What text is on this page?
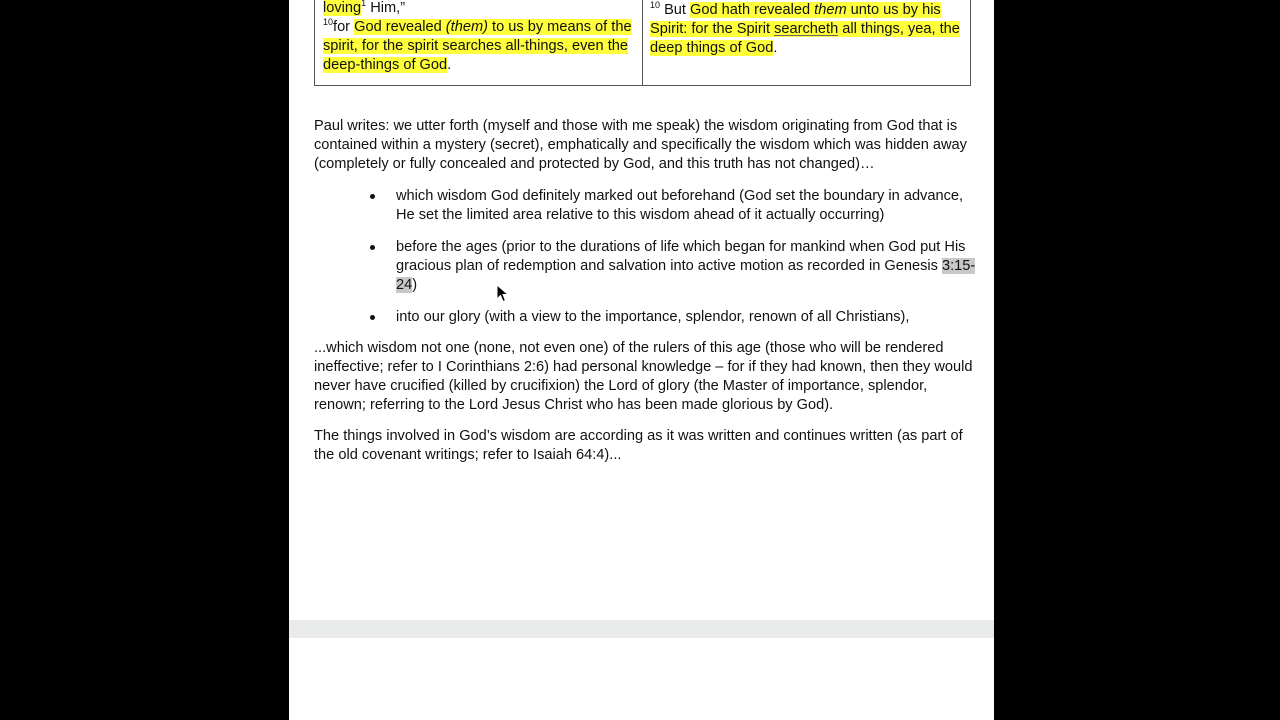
loving$^1$ Him,”
$^{10}$for God revealed (them) to us by means of the spirit, for the spirit searches all-things, even the deep-things of God.
$^{10}$ But God hath revealed them unto us by his Spirit: for the Spirit searcheth all things, yea, the deep things of God.

Paul writes: we utter forth (myself and those with me speak) the wisdom originating from God that is contained within a mystery (secret), emphatically and specifically the wisdom which was hidden away (completely or fully concealed and protected by God, and this truth has not changed)…

which wisdom God definitely marked out beforehand (God set the boundary in advance, He set the limited area relative to this wisdom ahead of it actually occurring)
before the ages (prior to the durations of life which began for mankind when God put His gracious plan of redemption and salvation into active motion as recorded in Genesis 3:15-24)
into our glory (with a view to the importance, splendor, renown of all Christians),

...which wisdom not one (none, not even one) of the rulers of this age (those who will be rendered ineffective; refer to I Corinthians 2:6) had personal knowledge – for if they had known, then they would never have crucified (killed by crucifixion) the Lord of glory (the Master of importance, splendor, renown; referring to the Lord Jesus Christ who has been made glorious by God).

The things involved in God’s wisdom are according as it was written and continues written (as part of the old covenant writings; refer to Isaiah 64:4)...
